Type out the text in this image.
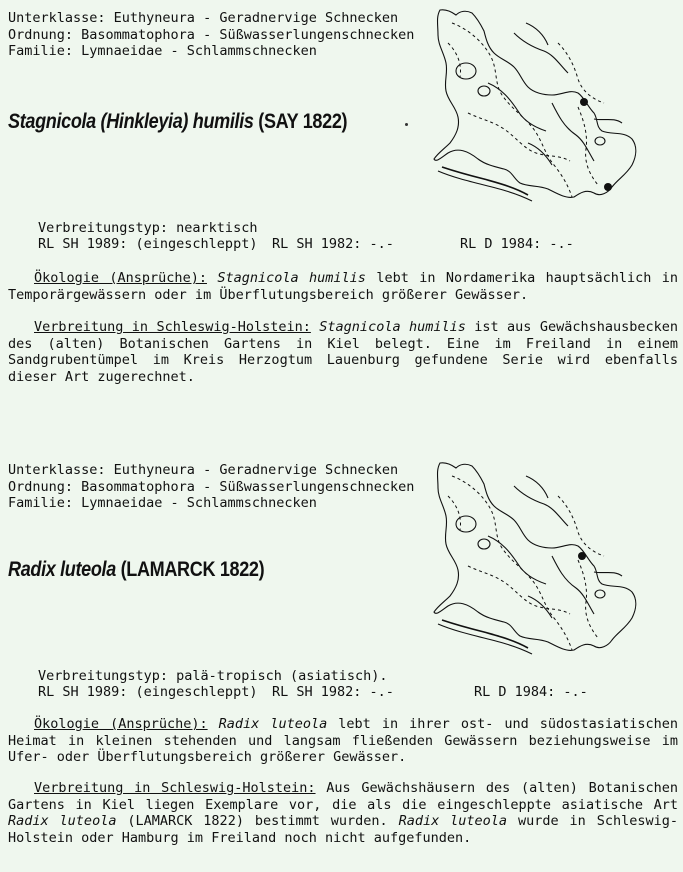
Unterklasse: Euthyneura - Geradnervige Schnecken
Ordnung: Basommatophora - Süßwasserlungenschnecken
Familie: Lymnaeidae - Schlammschnecken
Stagnicola (Hinkleyia) humilis (SAY 1822)
Verbreitungstyp: nearktisch
RL SH 1989: (eingeschleppt) RL SH 1982: -.-	RL D 1984: -.-
Ökologie (Ansprüche): Stagnicola humilis lebt in Nordamerika hauptsächlich in Temporärgewässern oder im Überflutungsbereich größerer Gewässer.
Verbreitung in Schleswig-Holstein: Stagnicola humilis ist aus Gewächshausbecken des (alten) Botanischen Gartens in Kiel belegt. Eine im Freiland in einem Sandgrubentümpel im Kreis Herzogtum Lauenburg gefundene Serie wird ebenfalls dieser Art zugerechnet.
Unterklasse: Euthyneura - Geradnervige Schnecken
Ordnung: Basommatophora - Süßwasserlungenschnecken
Familie: Lymnaeidae - Schlammschnecken
Radix luteola (LAMARCK 1822)
Verbreitungstyp: palä-tropisch (asiatisch).
RL SH 1989: (eingeschleppt) RL SH 1982: -.-	RL D 1984: -.-
Ökologie (Ansprüche): Radix luteola lebt in ihrer ost- und südostasiatischen Heimat in kleinen stehenden und langsam fließenden Gewässern beziehungsweise im Ufer- oder Überflutungsbereich größerer Gewässer.
Verbreitung in Schleswig-Holstein: Aus Gewächshäusern des (alten) Botanischen Gartens in Kiel liegen Exemplare vor, die als die eingeschleppte asiatische Art Radix luteola (LAMARCK 1822) bestimmt wurden. Radix luteola wurde in Schleswig-Holstein oder Hamburg im Freiland noch nicht aufgefunden.
